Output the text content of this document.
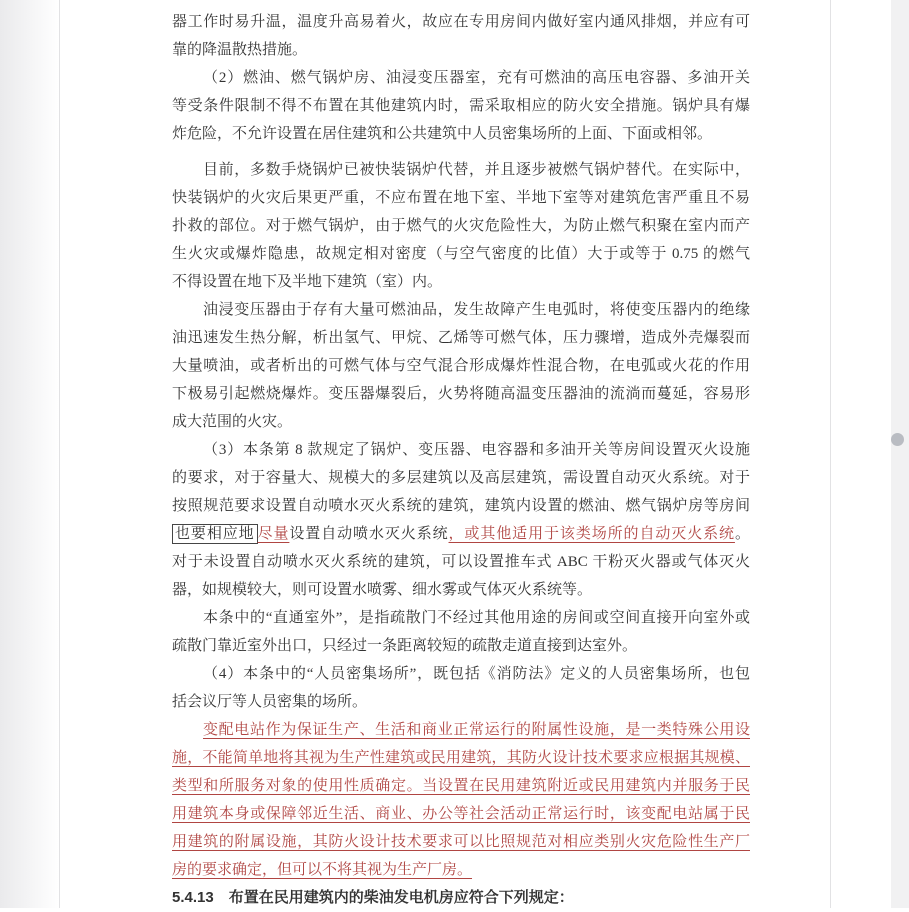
器工作时易升温，温度升高易着火，故应在专用房间内做好室内通风排烟，并应有可
靠的降温散热措施。
（2）燃油、燃气锅炉房、油浸变压器室，充有可燃油的高压电容器、多油开关
等受条件限制不得不布置在其他建筑内时，需采取相应的防火安全措施。锅炉具有爆
炸危险，不允许设置在居住建筑和公共建筑中人员密集场所的上面、下面或相邻。
目前，多数手烧锅炉已被快装锅炉代替，并且逐步被燃气锅炉替代。在实际中，
快装锅炉的火灾后果更严重，不应布置在地下室、半地下室等对建筑危害严重且不易
扑救的部位。对于燃气锅炉，由于燃气的火灾危险性大，为防止燃气积聚在室内而产
生火灾或爆炸隐患，故规定相对密度（与空气密度的比值）大于或等于 0.75 的燃气
不得设置在地下及半地下建筑（室）内。
油浸变压器由于存有大量可燃油品，发生故障产生电弧时，将使变压器内的绝缘
油迅速发生热分解，析出氢气、甲烷、乙烯等可燃气体，压力骤增，造成外壳爆裂而
大量喷油，或者析出的可燃气体与空气混合形成爆炸性混合物，在电弧或火花的作用
下极易引起燃烧爆炸。变压器爆裂后，火势将随高温变压器油的流淌而蔓延，容易形
成大范围的火灾。
（3）本条第 8 款规定了锅炉、变压器、电容器和多油开关等房间设置灭火设施
的要求，对于容量大、规模大的多层建筑以及高层建筑，需设置自动灭火系统。对于
按照规范要求设置自动喷水灭火系统的建筑，建筑内设置的燃油、燃气锅炉房等房间
也要相应地 尽量设置自动喷水灭火系统，或其他适用于该类场所的自动灭火系统。
对于未设置自动喷水灭火系统的建筑，可以设置推车式 ABC 干粉灭火器或气体灭火
器，如规模较大，则可设置水喷雾、细水雾或气体灭火系统等。
本条中的“直通室外”，是指疏散门不经过其他用途的房间或空间直接开向室外或
疏散门靠近室外出口，只经过一条距离较短的疏散走道直接到达室外。
（4）本条中的“人员密集场所”，既包括《消防法》定义的人员密集场所，也包
括会议厅等人员密集的场所。
变配电站作为保证生产、生活和商业正常运行的附属性设施，是一类特殊公用设
施，不能简单地将其视为生产性建筑或民用建筑，其防火设计技术要求应根据其规模、
类型和所服务对象的使用性质确定。当设置在民用建筑附近或民用建筑内并服务于民
用建筑本身或保障邻近生活、商业、办公等社会活动正常运行时，该变配电站属于民
用建筑的附属设施，其防火设计技术要求可以比照规范对相应类别火灾危险性生产厂
房的要求确定，但可以不将其视为生产厂房。
5.4.13　布置在民用建筑内的柴油发电机房应符合下列规定：
